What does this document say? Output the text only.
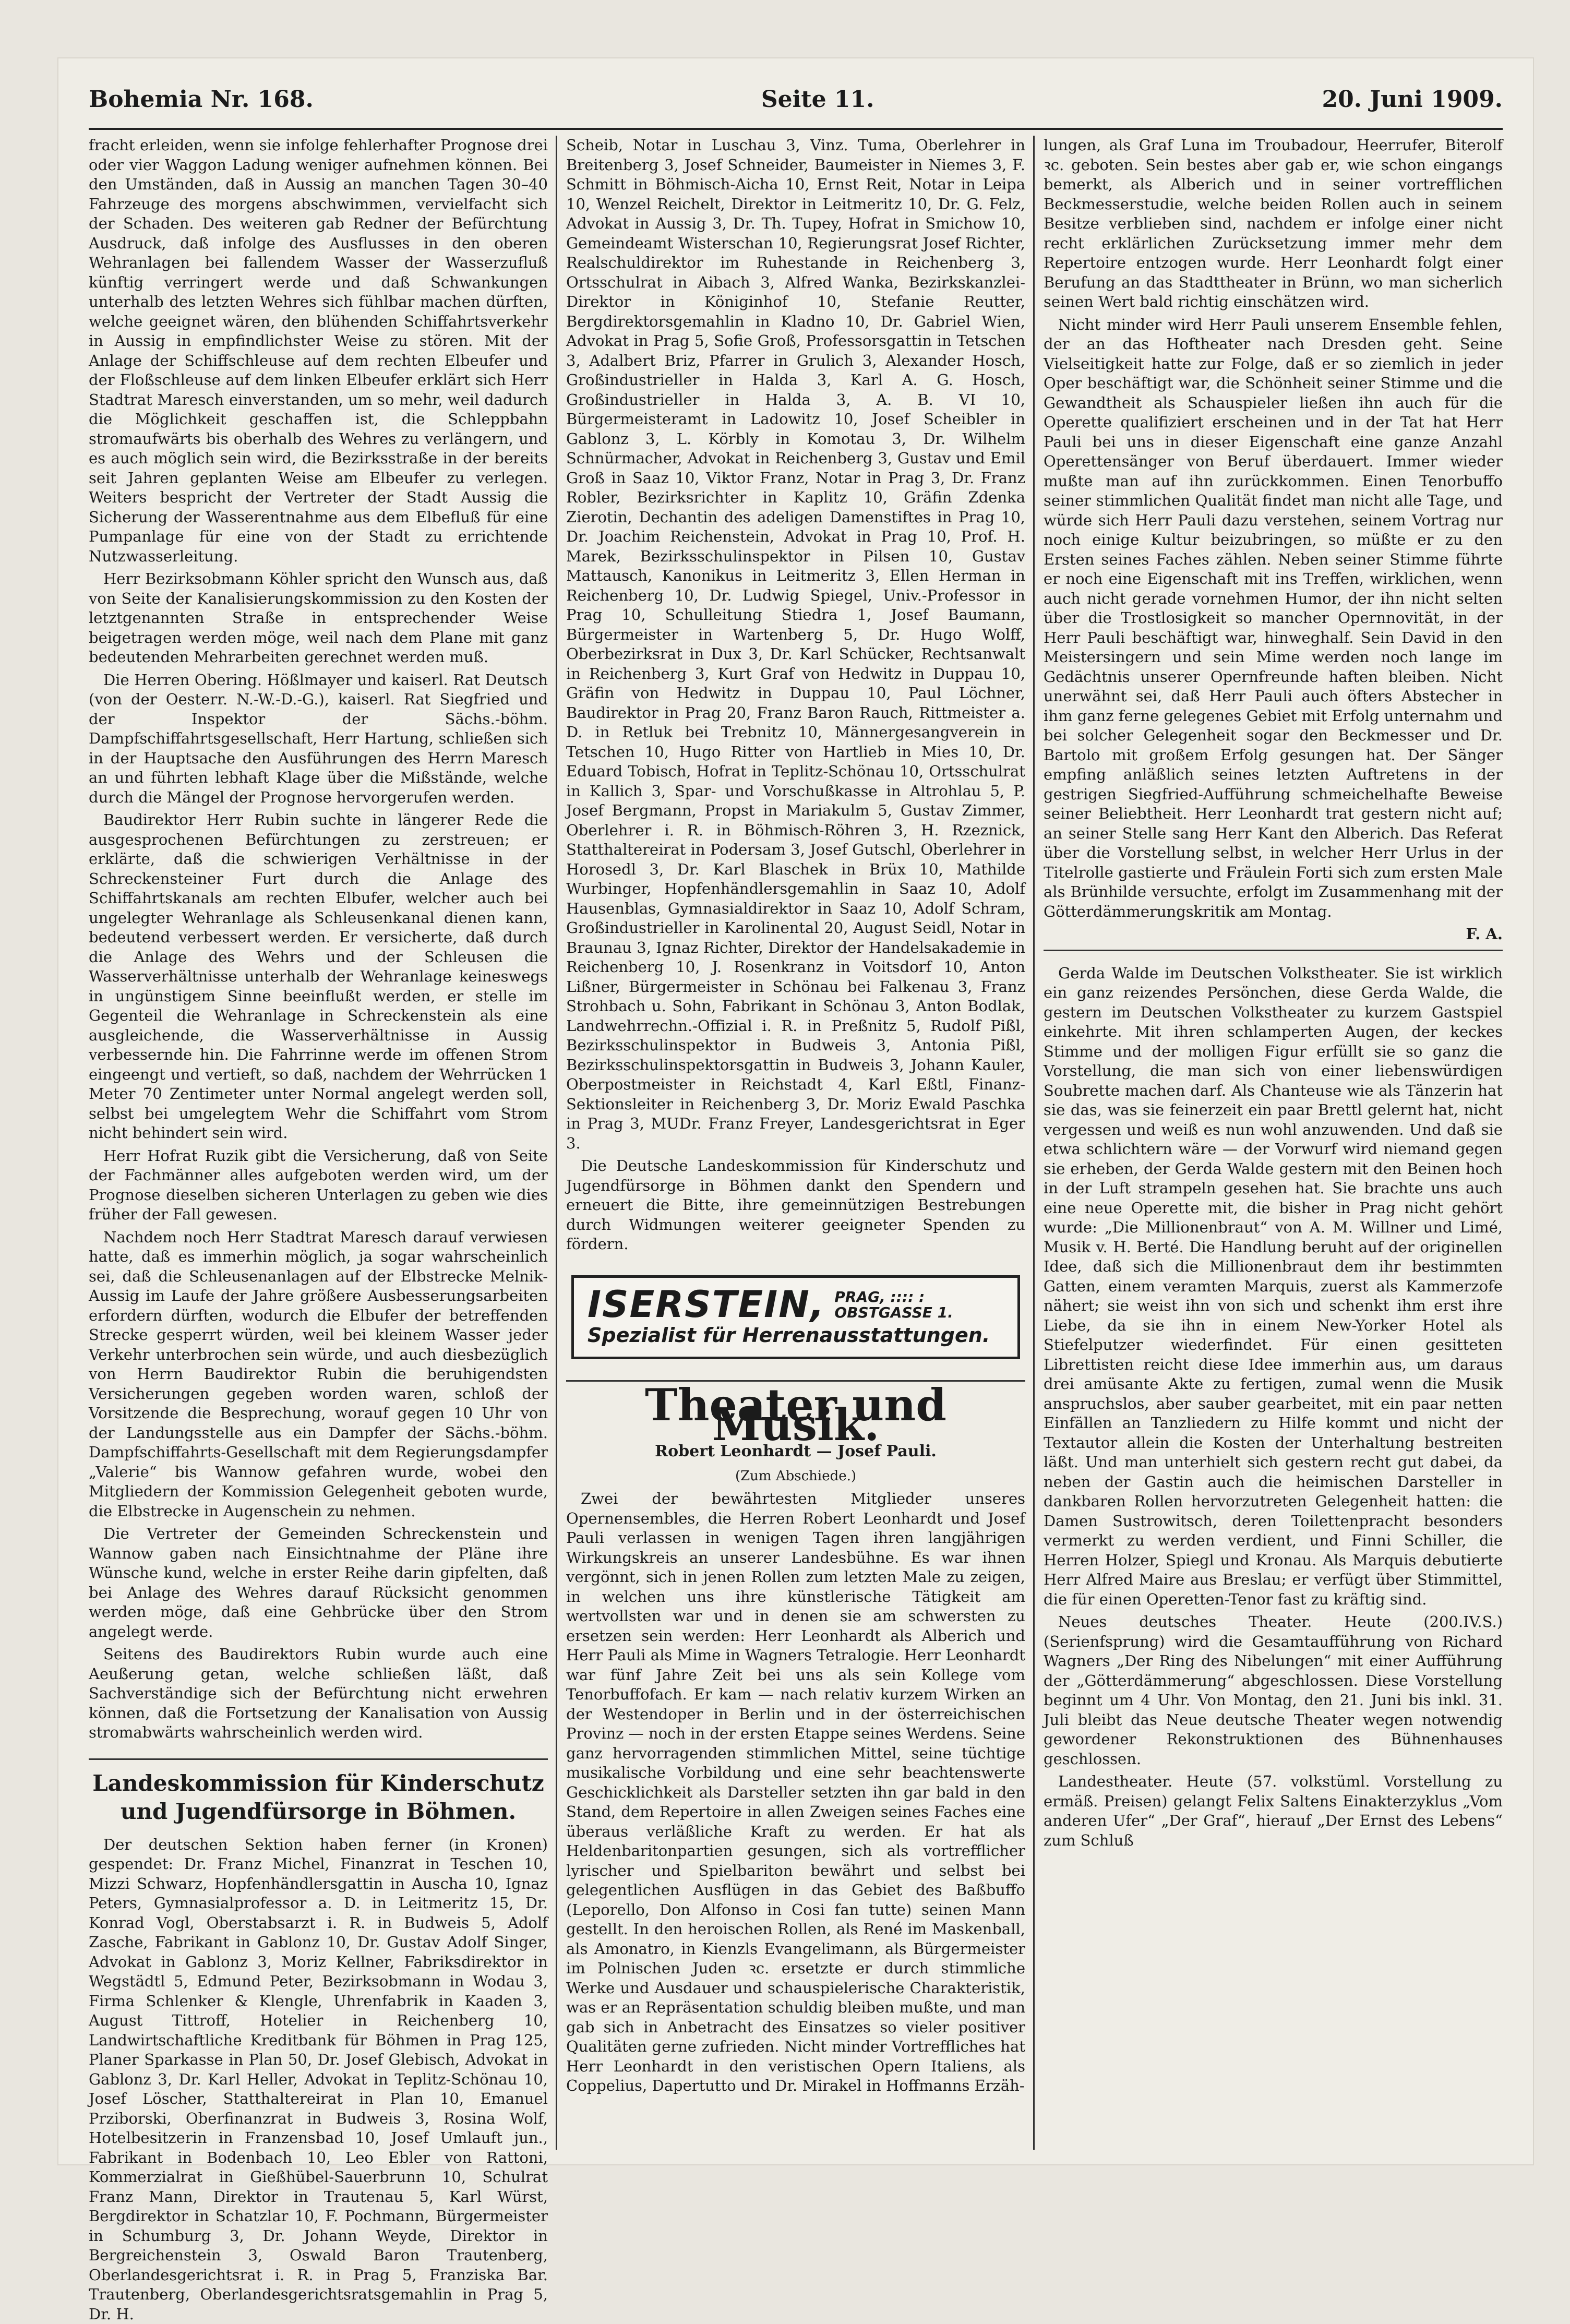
Bohemia Nr. 168.	Seite 11.	20. Juni 1909.

fracht erleiden, wenn sie infolge fehlerhafter Prognose drei oder vier Waggon Ladung weniger aufnehmen können. Bei den Umständen, daß in Aussig an manchen Tagen 30–40 Fahrzeuge des morgens abschwimmen, vervielfacht sich der Schaden. Des weiteren gab Redner der Befürchtung Ausdruck, daß infolge des Ausflusses in den oberen Wehranlagen bei fallendem Wasser der Wasserzufluß künftig verringert werde und daß Schwankungen unterhalb des letzten Wehres sich fühlbar machen dürften, welche geeignet wären, den blühenden Schiffahrtsverkehr in Aussig in empfindlichster Weise zu stören. Mit der Anlage der Schiffschleuse auf dem rechten Elbeufer und der Floßschleuse auf dem linken Elbeufer erklärt sich Herr Stadtrat Maresch einverstanden, um so mehr, weil dadurch die Möglichkeit geschaffen ist, die Schleppbahn stromaufwärts bis oberhalb des Wehres zu verlängern, und es auch möglich sein wird, die Bezirksstraße in der bereits seit Jahren geplanten Weise am Elbeufer zu verlegen. Weiters bespricht der Vertreter der Stadt Aussig die Sicherung der Wasserentnahme aus dem Elbefluß für eine Pumpanlage für eine von der Stadt zu errichtende Nutzwasserleitung.

Herr Bezirksobmann Köhler spricht den Wunsch aus, daß von Seite der Kanalisierungskommission zu den Kosten der letztgenannten Straße in entsprechender Weise beigetragen werden möge, weil nach dem Plane mit ganz bedeutenden Mehrarbeiten gerechnet werden muß.

Die Herren Obering. Hößlmayer und kaiserl. Rat Deutsch (von der Oesterr. N.-W.-D.-G.), kaiserl. Rat Siegfried und der Inspektor der Sächs.-böhm. Dampfschiffahrtsgesellschaft, Herr Hartung, schließen sich in der Hauptsache den Ausführungen des Herrn Maresch an und führten lebhaft Klage über die Mißstände, welche durch die Mängel der Prognose hervorgerufen werden.

Baudirektor Herr Rubin suchte in längerer Rede die ausgesprochenen Befürchtungen zu zerstreuen; er erklärte, daß die schwierigen Verhältnisse in der Schreckensteiner Furt durch die Anlage des Schiffahrtskanals am rechten Elbufer, welcher auch bei ungelegter Wehranlage als Schleusenkanal dienen kann, bedeutend verbessert werden. Er versicherte, daß durch die Anlage des Wehrs und der Schleusen die Wasserverhältnisse unterhalb der Wehranlage keineswegs in ungünstigem Sinne beeinflußt werden, er stelle im Gegenteil die Wehranlage in Schreckenstein als eine ausgleichende, die Wasserverhältnisse in Aussig verbessernde hin. Die Fahrrinne werde im offenen Strom eingeengt und vertieft, so daß, nachdem der Wehrrücken 1 Meter 70 Zentimeter unter Normal angelegt werden soll, selbst bei umgelegtem Wehr die Schiffahrt vom Strom nicht behindert sein wird.

Herr Hofrat Ruzik gibt die Versicherung, daß von Seite der Fachmänner alles aufgeboten werden wird, um der Prognose dieselben sicheren Unterlagen zu geben wie dies früher der Fall gewesen.

Nachdem noch Herr Stadtrat Maresch darauf verwiesen hatte, daß es immerhin möglich, ja sogar wahrscheinlich sei, daß die Schleusenanlagen auf der Elbstrecke Melnik-Aussig im Laufe der Jahre größere Ausbesserungsarbeiten erfordern dürften, wodurch die Elbufer der betreffenden Strecke gesperrt würden, weil bei kleinem Wasser jeder Verkehr unterbrochen sein würde, und auch diesbezüglich von Herrn Baudirektor Rubin die beruhigendsten Versicherungen gegeben worden waren, schloß der Vorsitzende die Besprechung, worauf gegen 10 Uhr von der Landungsstelle aus ein Dampfer der Sächs.-böhm. Dampfschiffahrts-Gesellschaft mit dem Regierungsdampfer „Valerie“ bis Wannow gefahren wurde, wobei den Mitgliedern der Kommission Gelegenheit geboten wurde, die Elbstrecke in Augenschein zu nehmen.

Die Vertreter der Gemeinden Schreckenstein und Wannow gaben nach Einsichtnahme der Pläne ihre Wünsche kund, welche in erster Reihe darin gipfelten, daß bei Anlage des Wehres darauf Rücksicht genommen werden möge, daß eine Gehbrücke über den Strom angelegt werde.

Seitens des Baudirektors Rubin wurde auch eine Aeußerung getan, welche schließen läßt, daß Sachverständige sich der Befürchtung nicht erwehren können, daß die Fortsetzung der Kanalisation von Aussig stromabwärts wahrscheinlich werden wird.

Landeskommission für Kinderschutz und Jugendfürsorge in Böhmen.

Der deutschen Sektion haben ferner (in Kronen) gespendet: Dr. Franz Michel, Finanzrat in Teschen 10, Mizzi Schwarz, Hopfenhändlersgattin in Auscha 10, Ignaz Peters, Gymnasialprofessor a. D. in Leitmeritz 15, Dr. Konrad Vogl, Oberstabsarzt i. R. in Budweis 5, Adolf Zasche, Fabrikant in Gablonz 10, Dr. Gustav Adolf Singer, Advokat in Gablonz 3, Moriz Kellner, Fabriksdirektor in Wegstädtl 5, Edmund Peter, Bezirksobmann in Wodau 3, Firma Schlenker & Klengle, Uhrenfabrik in Kaaden 3, August Tittroff, Hotelier in Reichenberg 10, Landwirtschaftliche Kreditbank für Böhmen in Prag 125, Planer Sparkasse in Plan 50, Dr. Josef Glebisch, Advokat in Gablonz 3, Dr. Karl Heller, Advokat in Teplitz-Schönau 10, Josef Löscher, Statthaltereirat in Plan 10, Emanuel Prziborski, Oberfinanzrat in Budweis 3, Rosina Wolf, Hotelbesitzerin in Franzensbad 10, Josef Umlauft jun., Fabrikant in Bodenbach 10, Leo Ebler von Rattoni, Kommerzialrat in Gießhübel-Sauerbrunn 10, Schulrat Franz Mann, Direktor in Trautenau 5, Karl Würst, Bergdirektor in Schatzlar 10, F. Pochmann, Bürgermeister in Schumburg 3, Dr. Johann Weyde, Direktor in Bergreichenstein 3, Oswald Baron Trautenberg, Oberlandesgerichtsrat i. R. in Prag 5, Franziska Bar. Trautenberg, Oberlandesgerichtsratsgemahlin in Prag 5, Dr. H.

Scheib, Notar in Luschau 3, Vinz. Tuma, Oberlehrer in Breitenberg 3, Josef Schneider, Baumeister in Niemes 3, F. Schmitt in Böhmisch-Aicha 10, Ernst Reit, Notar in Leipa 10, Wenzel Reichelt, Direktor in Leitmeritz 10, Dr. G. Felz, Advokat in Aussig 3, Dr. Th. Tupey, Hofrat in Smichow 10, Gemeindeamt Wisterschan 10, Regierungsrat Josef Richter, Realschuldirektor im Ruhestande in Reichenberg 3, Ortsschulrat in Aibach 3, Alfred Wanka, Bezirkskanzlei-Direktor in Königinhof 10, Stefanie Reutter, Bergdirektorsgemahlin in Kladno 10, Dr. Gabriel Wien, Advokat in Prag 5, Sofie Groß, Professorsgattin in Tetschen 3, Adalbert Briz, Pfarrer in Grulich 3, Alexander Hosch, Großindustrieller in Halda 3, Karl A. G. Hosch, Großindustrieller in Halda 3, A. B. VI 10, Bürgermeisteramt in Ladowitz 10, Josef Scheibler in Gablonz 3, L. Körbly in Komotau 3, Dr. Wilhelm Schnürmacher, Advokat in Reichenberg 3, Gustav und Emil Groß in Saaz 10, Viktor Franz, Notar in Prag 3, Dr. Franz Robler, Bezirksrichter in Kaplitz 10, Gräfin Zdenka Zierotin, Dechantin des adeligen Damenstiftes in Prag 10, Dr. Joachim Reichenstein, Advokat in Prag 10, Prof. H. Marek, Bezirksschulinspektor in Pilsen 10, Gustav Mattausch, Kanonikus in Leitmeritz 3, Ellen Herman in Reichenberg 10, Dr. Ludwig Spiegel, Univ.-Professor in Prag 10, Schulleitung Stiedra 1, Josef Baumann, Bürgermeister in Wartenberg 5, Dr. Hugo Wolff, Oberbezirksrat in Dux 3, Dr. Karl Schücker, Rechtsanwalt in Reichenberg 3, Kurt Graf von Hedwitz in Duppau 10, Gräfin von Hedwitz in Duppau 10, Paul Löchner, Baudirektor in Prag 20, Franz Baron Rauch, Rittmeister a. D. in Retluk bei Trebnitz 10, Männergesangverein in Tetschen 10, Hugo Ritter von Hartlieb in Mies 10, Dr. Eduard Tobisch, Hofrat in Teplitz-Schönau 10, Ortsschulrat in Kallich 3, Spar- und Vorschußkasse in Altrohlau 5, P. Josef Bergmann, Propst in Mariakulm 5, Gustav Zimmer, Oberlehrer i. R. in Böhmisch-Röhren 3, H. Rzeznick, Statthaltereirat in Podersam 3, Josef Gutschl, Oberlehrer in Horosedl 3, Dr. Karl Blaschek in Brüx 10, Mathilde Wurbinger, Hopfenhändlersgemahlin in Saaz 10, Adolf Hausenblas, Gymnasialdirektor in Saaz 10, Adolf Schram, Großindustrieller in Karolinental 20, August Seidl, Notar in Braunau 3, Ignaz Richter, Direktor der Handelsakademie in Reichenberg 10, J. Rosenkranz in Voitsdorf 10, Anton Lißner, Bürgermeister in Schönau bei Falkenau 3, Franz Strohbach u. Sohn, Fabrikant in Schönau 3, Anton Bodlak, Landwehrrechn.-Offizial i. R. in Preßnitz 5, Rudolf Pißl, Bezirksschulinspektor in Budweis 3, Antonia Pißl, Bezirksschulinspektorsgattin in Budweis 3, Johann Kauler, Oberpostmeister in Reichstadt 4, Karl Eßtl, Finanz-Sektionsleiter in Reichenberg 3, Dr. Moriz Ewald Paschka in Prag 3, MUDr. Franz Freyer, Landesgerichtsrat in Eger 3.

Die Deutsche Landeskommission für Kinderschutz und Jugendfürsorge in Böhmen dankt den Spendern und erneuert die Bitte, ihre gemeinnützigen Bestrebungen durch Widmungen weiterer geeigneter Spenden zu fördern.

ISERSTEIN, PRAG, :::: :
OBSTGASSE 1.
Spezialist für Herrenausstattungen.
Theater und Musik.
Robert Leonhardt — Josef Pauli.
(Zum Abschiede.)

Zwei der bewährtesten Mitglieder unseres Opernensembles, die Herren Robert Leonhardt und Josef Pauli verlassen in wenigen Tagen ihren langjährigen Wirkungskreis an unserer Landesbühne. Es war ihnen vergönnt, sich in jenen Rollen zum letzten Male zu zeigen, in welchen uns ihre künstlerische Tätigkeit am wertvollsten war und in denen sie am schwersten zu ersetzen sein werden: Herr Leonhardt als Alberich und Herr Pauli als Mime in Wagners Tetralogie. Herr Leonhardt war fünf Jahre Zeit bei uns als sein Kollege vom Tenorbuffofach. Er kam — nach relativ kurzem Wirken an der Westendoper in Berlin und in der österreichischen Provinz — noch in der ersten Etappe seines Werdens. Seine ganz hervorragenden stimmlichen Mittel, seine tüchtige musikalische Vorbildung und eine sehr beachtenswerte Geschicklichkeit als Darsteller setzten ihn gar bald in den Stand, dem Repertoire in allen Zweigen seines Faches eine überaus verläßliche Kraft zu werden. Er hat als Heldenbaritonpartien gesungen, sich als vortrefflicher lyrischer und Spielbariton bewährt und selbst bei gelegentlichen Ausflügen in das Gebiet des Baßbuffo (Leporello, Don Alfonso in Cosi fan tutte) seinen Mann gestellt. In den heroischen Rollen, als René im Maskenball, als Amonatro, in Kienzls Evangelimann, als Bürgermeister im Polnischen Juden ꝛc. ersetzte er durch stimmliche Werke und Ausdauer und schauspielerische Charakteristik, was er an Repräsentation schuldig bleiben mußte, und man gab sich in Anbetracht des Einsatzes so vieler positiver Qualitäten gerne zufrieden. Nicht minder Vortreffliches hat Herr Leonhardt in den veristischen Opern Italiens, als Coppelius, Dapertutto und Dr. Mirakel in Hoffmanns Erzäh-

lungen, als Graf Luna im Troubadour, Heerrufer, Biterolf ꝛc. geboten. Sein bestes aber gab er, wie schon eingangs bemerkt, als Alberich und in seiner vortrefflichen Beckmesserstudie, welche beiden Rollen auch in seinem Besitze verblieben sind, nachdem er infolge einer nicht recht erklärlichen Zurücksetzung immer mehr dem Repertoire entzogen wurde. Herr Leonhardt folgt einer Berufung an das Stadttheater in Brünn, wo man sicherlich seinen Wert bald richtig einschätzen wird.

Nicht minder wird Herr Pauli unserem Ensemble fehlen, der an das Hoftheater nach Dresden geht. Seine Vielseitigkeit hatte zur Folge, daß er so ziemlich in jeder Oper beschäftigt war, die Schönheit seiner Stimme und die Gewandtheit als Schauspieler ließen ihn auch für die Operette qualifiziert erscheinen und in der Tat hat Herr Pauli bei uns in dieser Eigenschaft eine ganze Anzahl Operettensänger von Beruf überdauert. Immer wieder mußte man auf ihn zurückkommen. Einen Tenorbuffo seiner stimmlichen Qualität findet man nicht alle Tage, und würde sich Herr Pauli dazu verstehen, seinem Vortrag nur noch einige Kultur beizubringen, so müßte er zu den Ersten seines Faches zählen. Neben seiner Stimme führte er noch eine Eigenschaft mit ins Treffen, wirklichen, wenn auch nicht gerade vornehmen Humor, der ihn nicht selten über die Trostlosigkeit so mancher Opernnovität, in der Herr Pauli beschäftigt war, hinweghalf. Sein David in den Meistersingern und sein Mime werden noch lange im Gedächtnis unserer Opernfreunde haften bleiben. Nicht unerwähnt sei, daß Herr Pauli auch öfters Abstecher in ihm ganz ferne gelegenes Gebiet mit Erfolg unternahm und bei solcher Gelegenheit sogar den Beckmesser und Dr. Bartolo mit großem Erfolg gesungen hat. Der Sänger empfing anläßlich seines letzten Auftretens in der gestrigen Siegfried-Aufführung schmeichelhafte Beweise seiner Beliebtheit. Herr Leonhardt trat gestern nicht auf; an seiner Stelle sang Herr Kant den Alberich. Das Referat über die Vorstellung selbst, in welcher Herr Urlus in der Titelrolle gastierte und Fräulein Forti sich zum ersten Male als Brünhilde versuchte, erfolgt im Zusammenhang mit der Götterdämmerungskritik am Montag.

F. A.

Gerda Walde im Deutschen Volkstheater. Sie ist wirklich ein ganz reizendes Persönchen, diese Gerda Walde, die gestern im Deutschen Volkstheater zu kurzem Gastspiel einkehrte. Mit ihren schlamperten Augen, der keckes Stimme und der molligen Figur erfüllt sie so ganz die Vorstellung, die man sich von einer liebenswürdigen Soubrette machen darf. Als Chanteuse wie als Tänzerin hat sie das, was sie feinerzeit ein paar Brettl gelernt hat, nicht vergessen und weiß es nun wohl anzuwenden. Und daß sie etwa schlichtern wäre — der Vorwurf wird niemand gegen sie erheben, der Gerda Walde gestern mit den Beinen hoch in der Luft strampeln gesehen hat. Sie brachte uns auch eine neue Operette mit, die bisher in Prag nicht gehört wurde: „Die Millionenbraut“ von A. M. Willner und Limé, Musik v. H. Berté. Die Handlung beruht auf der originellen Idee, daß sich die Millionenbraut dem ihr bestimmten Gatten, einem veramten Marquis, zuerst als Kammerzofe nähert; sie weist ihn von sich und schenkt ihm erst ihre Liebe, da sie ihn in einem New-Yorker Hotel als Stiefelputzer wiederfindet. Für einen gesitteten Librettisten reicht diese Idee immerhin aus, um daraus drei amüsante Akte zu fertigen, zumal wenn die Musik anspruchslos, aber sauber gearbeitet, mit ein paar netten Einfällen an Tanzliedern zu Hilfe kommt und nicht der Textautor allein die Kosten der Unterhaltung bestreiten läßt. Und man unterhielt sich gestern recht gut dabei, da neben der Gastin auch die heimischen Darsteller in dankbaren Rollen hervorzutreten Gelegenheit hatten: die Damen Sustrowitsch, deren Toilettenpracht besonders vermerkt zu werden verdient, und Finni Schiller, die Herren Holzer, Spiegl und Kronau. Als Marquis debutierte Herr Alfred Maire aus Breslau; er verfügt über Stimmittel, die für einen Operetten-Tenor fast zu kräftig sind.

Neues deutsches Theater. Heute (200.IV.S.) (Serienfsprung) wird die Gesamtaufführung von Richard Wagners „Der Ring des Nibelungen“ mit einer Aufführung der „Götterdämmerung“ abgeschlossen. Diese Vorstellung beginnt um 4 Uhr. Von Montag, den 21. Juni bis inkl. 31. Juli bleibt das Neue deutsche Theater wegen notwendig gewordener Rekonstruktionen des Bühnenhauses geschlossen.

Landestheater. Heute (57. volkstüml. Vorstellung zu ermäß. Preisen) gelangt Felix Saltens Einakterzyklus „Vom anderen Ufer“ „Der Graf“, hierauf „Der Ernst des Lebens“ zum Schluß
